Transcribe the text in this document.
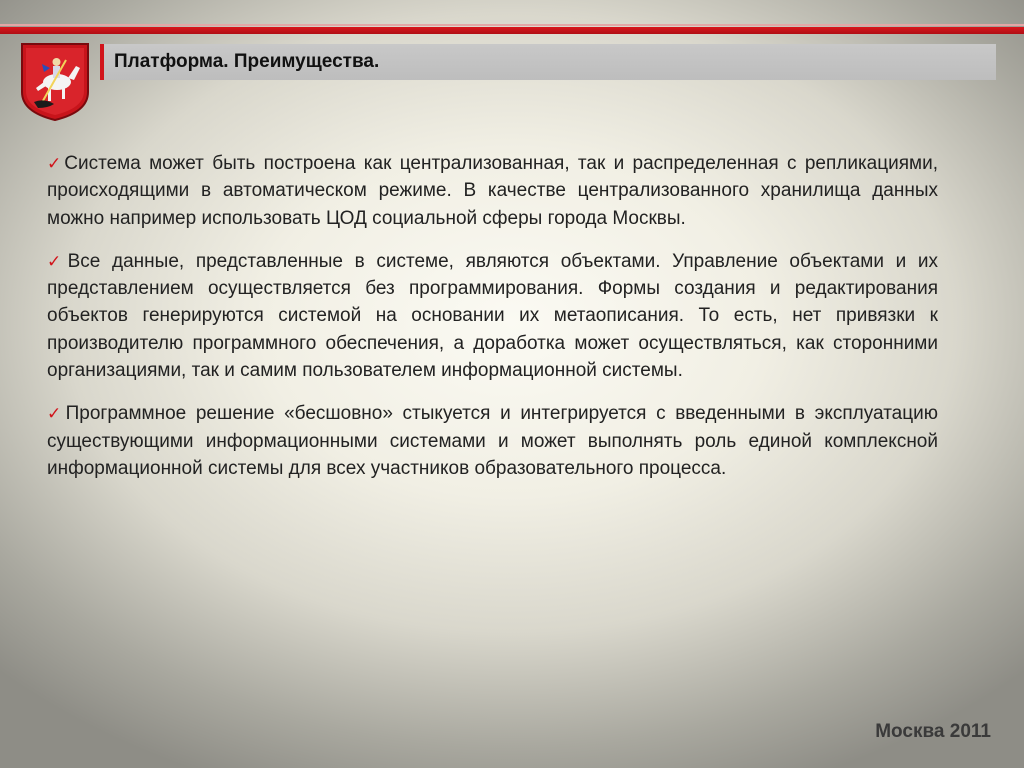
Платформа. Преимущества.

✓Система может быть построена как централизованная, так и распределенная с репликациями, происходящими в автоматическом режиме. В качестве централизованного хранилища данных можно например использовать ЦОД социальной сферы города Москвы.

✓Все данные, представленные в системе, являются объектами. Управление объектами и их представлением осуществляется без программирования. Формы создания и редактирования объектов генерируются системой на основании их метаописания. То есть, нет привязки к производителю программного обеспечения, а доработка может осуществляться, как сторонними организациями, так и самим пользователем информационной системы.

✓Программное решение «бесшовно» стыкуется и интегрируется с введенными в эксплуатацию существующими информационными системами и может выполнять роль единой комплексной информационной системы для всех участников образовательного процесса.

Москва 2011
